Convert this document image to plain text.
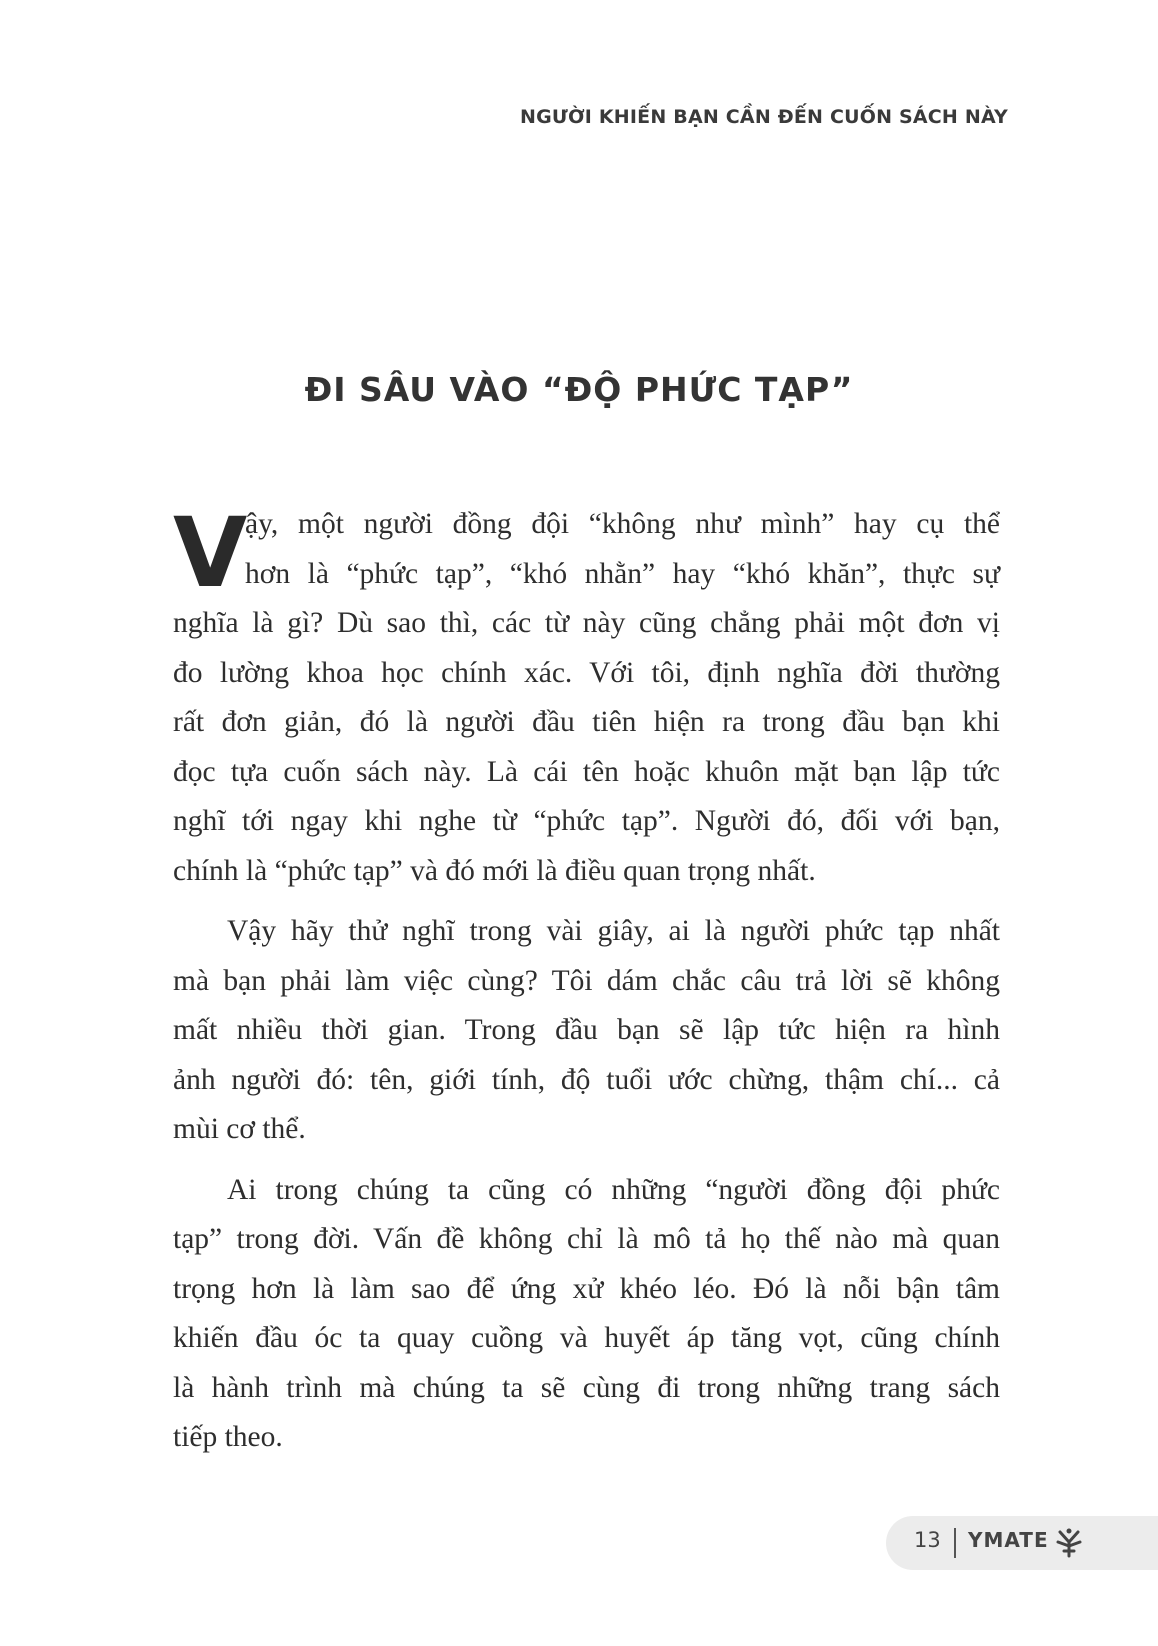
NGƯỜI KHIẾN BẠN CẦN ĐẾN CUỐN SÁCH NÀY
ĐI SÂU VÀO “ĐỘ PHỨC TẠP”
V
ậy, một người đồng đội “không như mình” hay cụ thể
hơn là “phức tạp”, “khó nhằn” hay “khó khăn”, thực sự
nghĩa là gì? Dù sao thì, các từ này cũng chẳng phải một đơn vị
đo lường khoa học chính xác. Với tôi, định nghĩa đời thường
rất đơn giản, đó là người đầu tiên hiện ra trong đầu bạn khi
đọc tựa cuốn sách này. Là cái tên hoặc khuôn mặt bạn lập tức
nghĩ tới ngay khi nghe từ “phức tạp”. Người đó, đối với bạn,
chính là “phức tạp” và đó mới là điều quan trọng nhất.
Vậy hãy thử nghĩ trong vài giây, ai là người phức tạp nhất
mà bạn phải làm việc cùng? Tôi dám chắc câu trả lời sẽ không
mất nhiều thời gian. Trong đầu bạn sẽ lập tức hiện ra hình
ảnh người đó: tên, giới tính, độ tuổi ước chừng, thậm chí... cả
mùi cơ thể.
Ai trong chúng ta cũng có những “người đồng đội phức
tạp” trong đời. Vấn đề không chỉ là mô tả họ thế nào mà quan
trọng hơn là làm sao để ứng xử khéo léo. Đó là nỗi bận tâm
khiến đầu óc ta quay cuồng và huyết áp tăng vọt, cũng chính
là hành trình mà chúng ta sẽ cùng đi trong những trang sách
tiếp theo.
13 YMATE
